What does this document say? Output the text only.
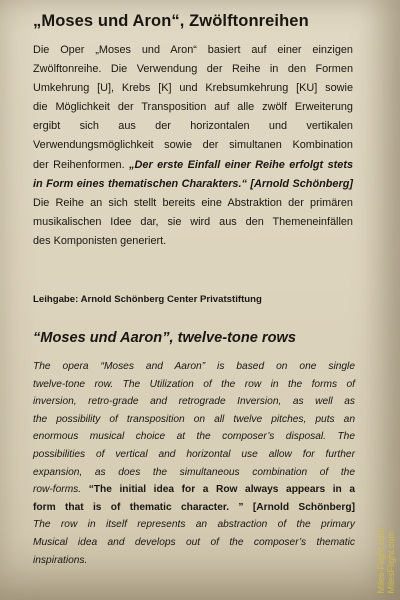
„Moses und Aron“, Zwölftonreihen
Die Oper „Moses und Aron“ basiert auf einer einzigen
Zwölftonreihe. Die Verwendung der Reihe in den Formen
Umkehrung [U], Krebs [K] und Krebsumkehrung [KU] sowie
die Möglichkeit der Transposition auf alle zwölf Erweiterung
ergibt sich aus der horizontalen und vertikalen
Verwendungsmöglichkeit sowie der simultanen Kombination
der Reihenformen. „Der erste Einfall einer Reihe erfolgt stets
in Form eines thematischen Charakters.“ [Arnold Schönberg]
Die Reihe an sich stellt bereits eine Abstraktion der primären
musikalischen Idee dar, sie wird aus den Themeneinfällen
des Komponisten generiert.

Leihgabe: Arnold Schönberg Center Privatstiftung

“Moses und Aaron”, twelve-tone rows
The opera “Moses and Aaron” is based on one single
twelve-tone row. The Utilization of the row in the forms of
inversion, retro-grade and retrograde Inversion, as well as
the possibility of transposition on all twelve pitches, puts an
enormous musical choice at the composer’s disposal. The
possibilities of vertical and horizontal use allow for further
expansion, as does the simultaneous combination of the
row-forms. “The initial idea for a Row always appears in a
form that is of thematic character. ” [Arnold Schönberg]
The row in itself represents an abstraction of the primary
Musical idea and develops out of the composer’s thematic
inspirations.	Miles-Flight.com MilesFlight.com
